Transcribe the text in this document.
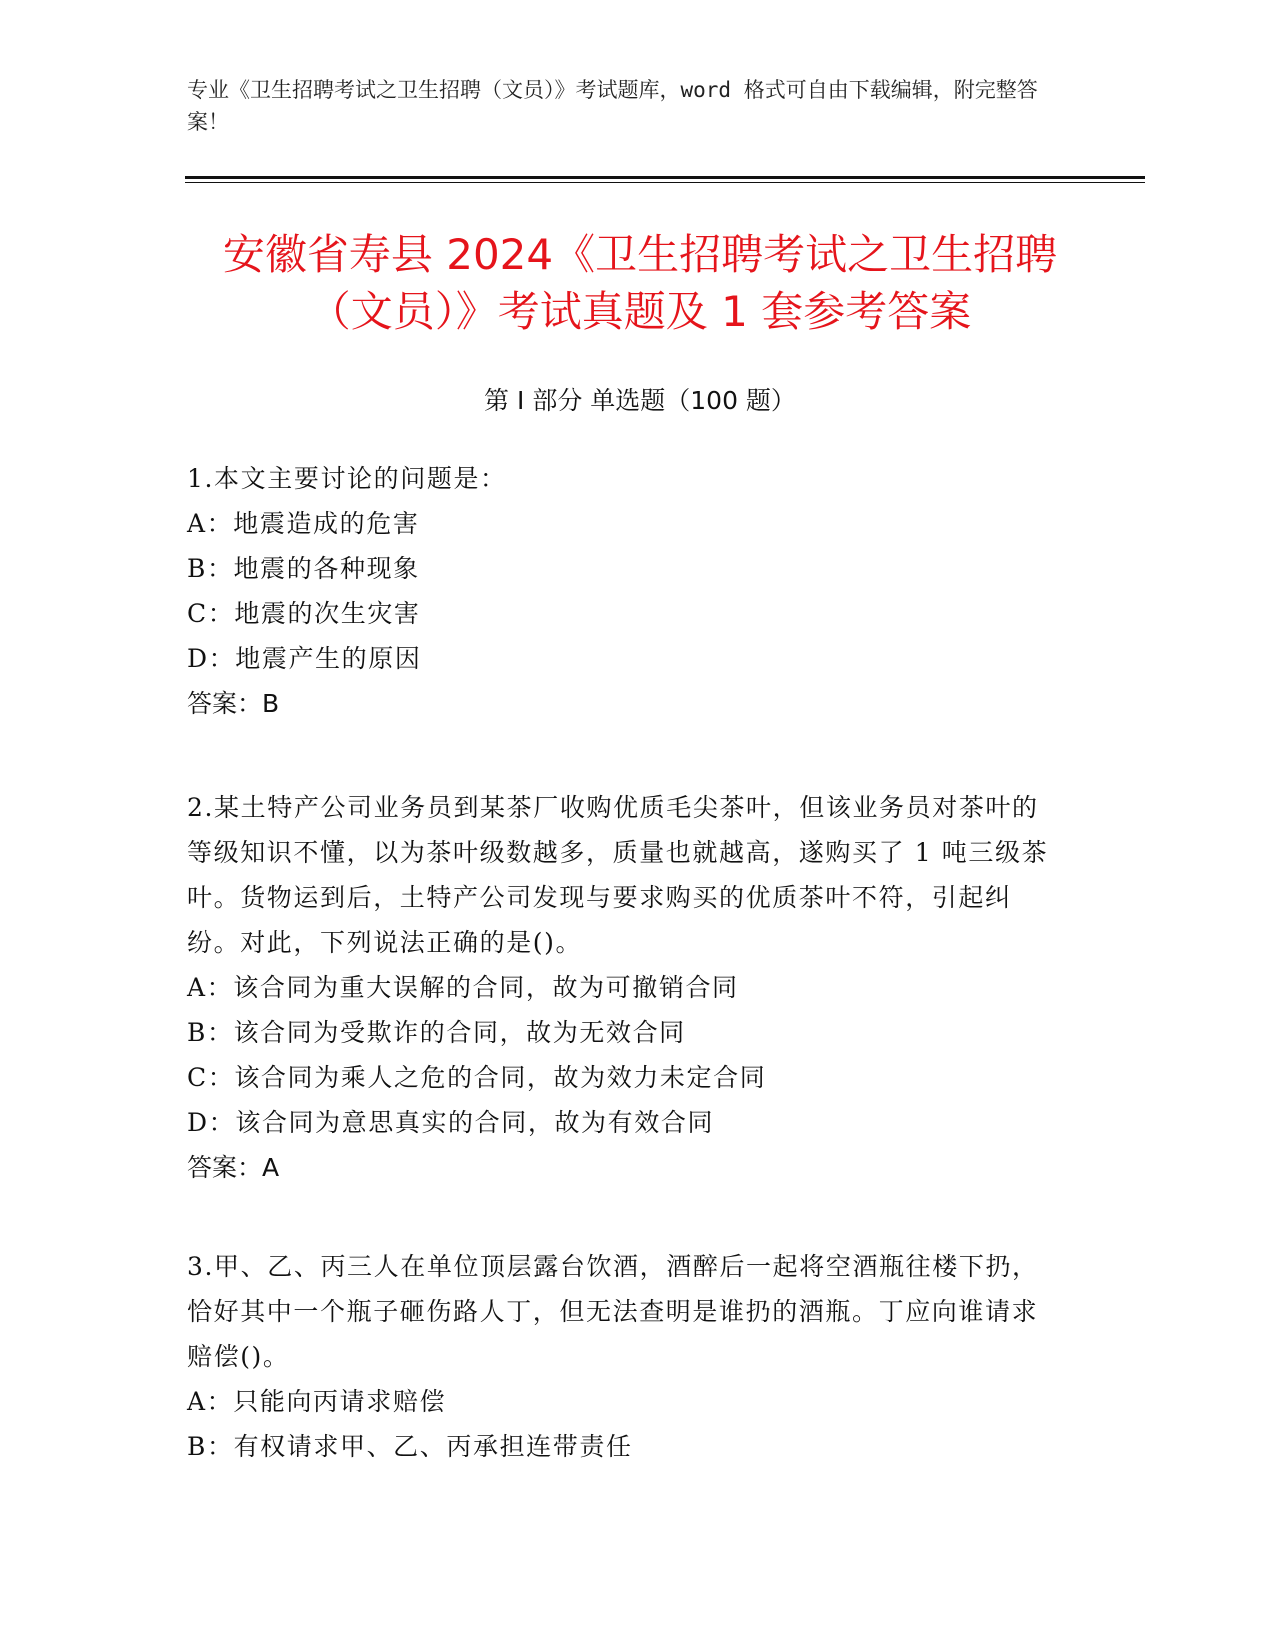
专业《卫生招聘考试之卫生招聘（文员）》考试题库，word 格式可自由下载编辑，附完整答案！
安徽省寿县 2024《卫生招聘考试之卫生招聘
（文员）》考试真题及 1 套参考答案
第 I 部分 单选题（100 题）

1.本文主要讨论的问题是：

A：地震造成的危害

B：地震的各种现象

C：地震的次生灾害

D：地震产生的原因

答案：B

2.某土特产公司业务员到某茶厂收购优质毛尖茶叶，但该业务员对茶叶的等级知识不懂，以为茶叶级数越多，质量也就越高，遂购买了 1 吨三级茶叶。货物运到后，土特产公司发现与要求购买的优质茶叶不符，引起纠纷。对此，下列说法正确的是()。

A：该合同为重大误解的合同，故为可撤销合同

B：该合同为受欺诈的合同，故为无效合同

C：该合同为乘人之危的合同，故为效力未定合同

D：该合同为意思真实的合同，故为有效合同

答案：A

3.甲、乙、丙三人在单位顶层露台饮酒，酒醉后一起将空酒瓶往楼下扔，恰好其中一个瓶子砸伤路人丁，但无法查明是谁扔的酒瓶。丁应向谁请求赔偿()。

A：只能向丙请求赔偿

B：有权请求甲、乙、丙承担连带责任
